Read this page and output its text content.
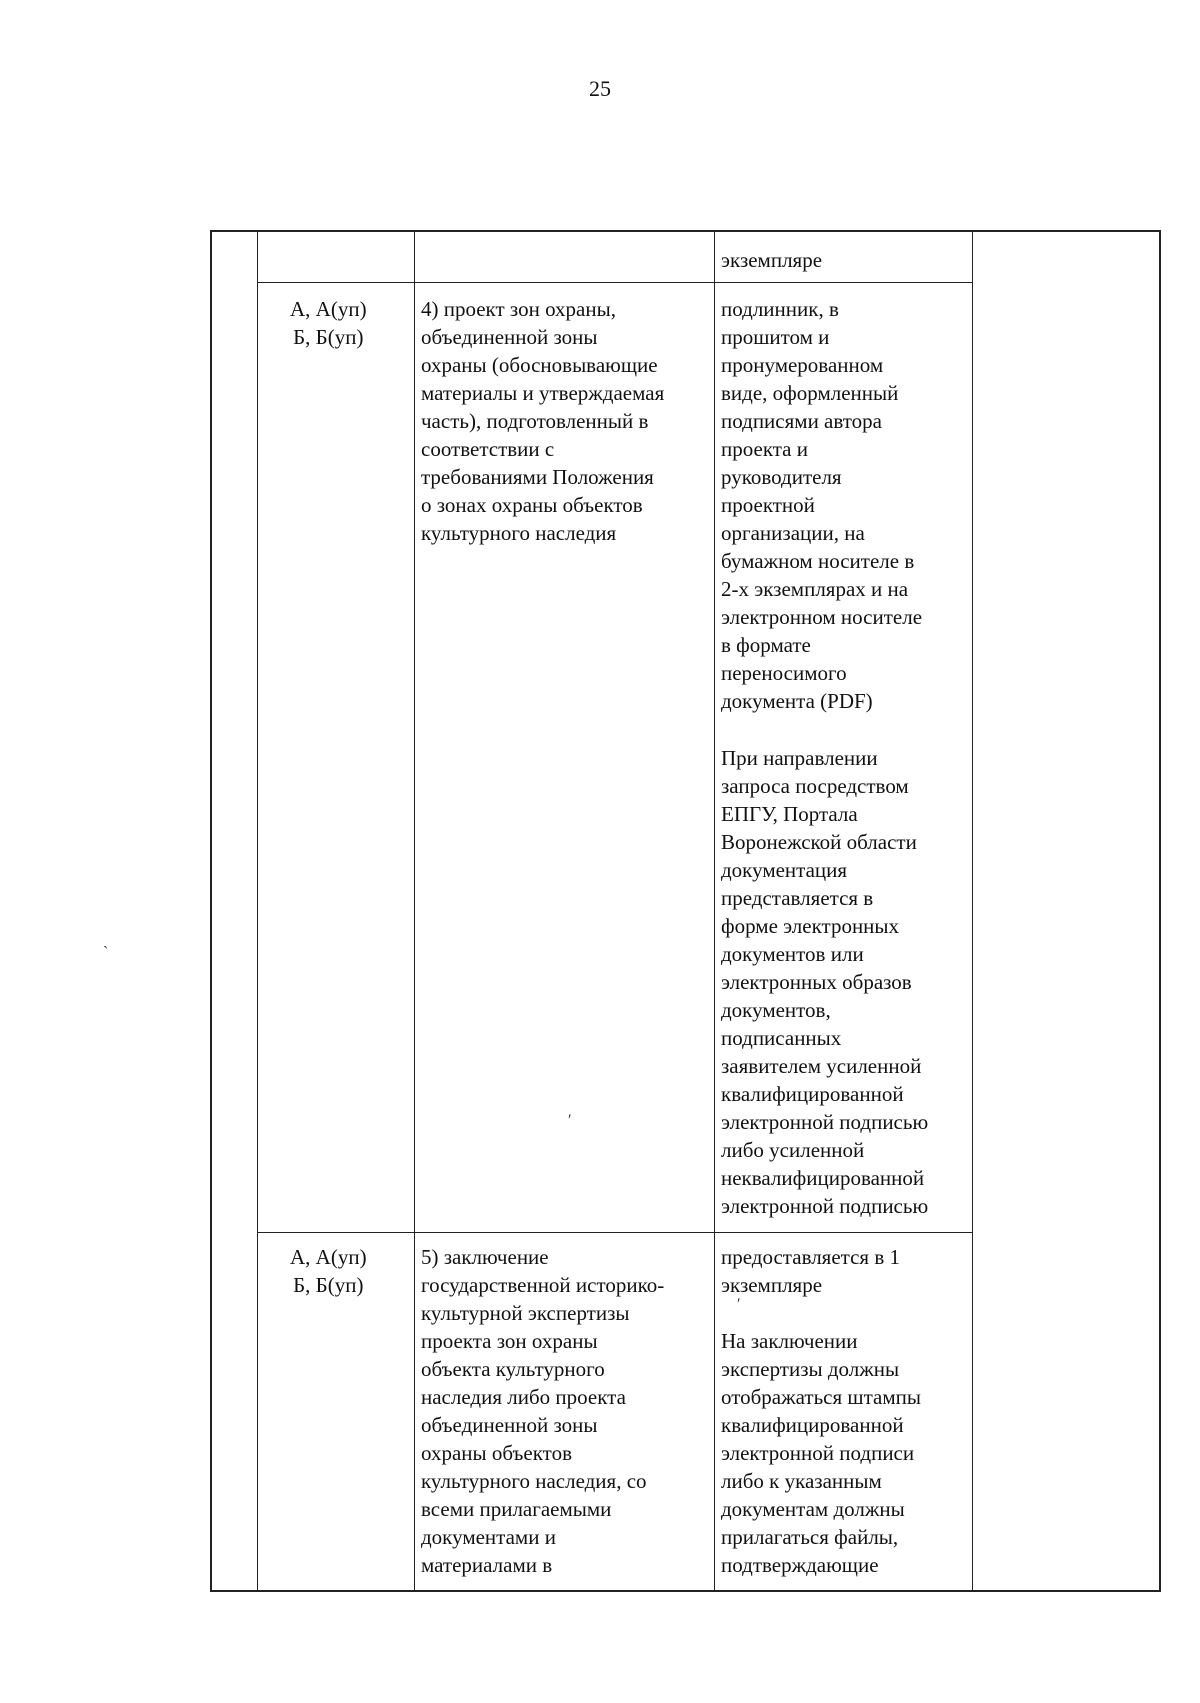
25
экземпляре
А, А(уп)
Б, Б(уп)
4) проект зон охраны,
объединенной зоны
охраны (обосновывающие
материалы и утверждаемая
часть), подготовленный в
соответствии с
требованиями Положения
о зонах охраны объектов
культурного наследия
подлинник, в
прошитом и
пронумерованном
виде, оформленный
подписями автора
проекта и
руководителя
проектной
организации, на
бумажном носителе в
2-х экземплярах и на
электронном носителе
в формате
переносимого
документа (PDF)
При направлении
запроса посредством
ЕПГУ, Портала
Воронежской области
документация
представляется в
форме электронных
документов или
электронных образов
документов,
подписанных
заявителем усиленной
квалифицированной
электронной подписью
либо усиленной
неквалифицированной
электронной подписью
А, А(уп)
Б, Б(уп)
5) заключение
государственной историко-
культурной экспертизы
проекта зон охраны
объекта культурного
наследия либо проекта
объединенной зоны
охраны объектов
культурного наследия, со
всеми прилагаемыми
документами и
материалами в
предоставляется в 1
экземпляре
На заключении
экспертизы должны
отображаться штампы
квалифицированной
электронной подписи
либо к указанным
документам должны
прилагаться файлы,
подтверждающие
`
′
′
